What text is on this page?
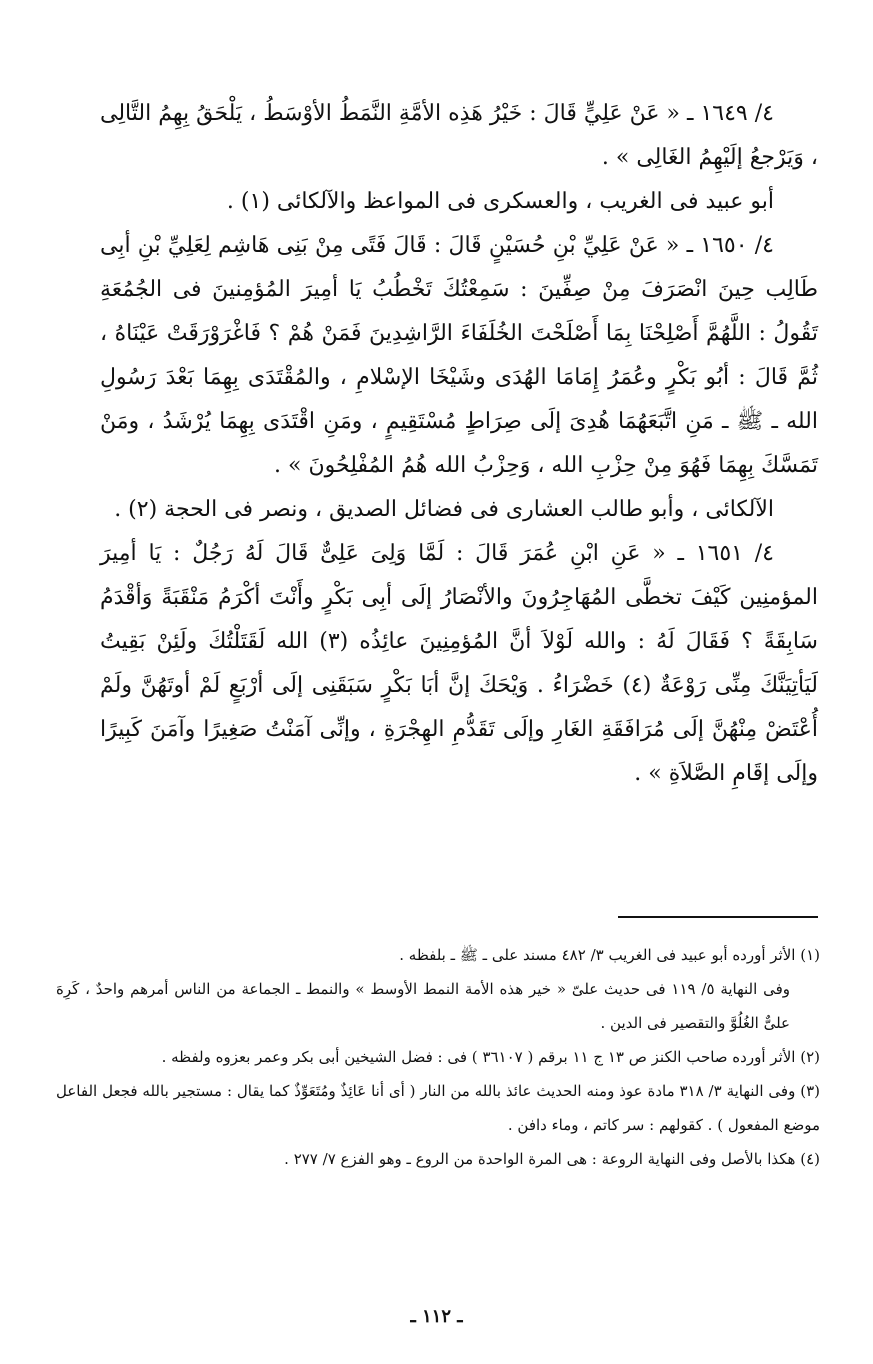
٤/ ١٦٤٩ ـ « عَنْ عَلِيٍّ قَالَ : خَيْرُ هَذِه الأمَّةِ النَّمَطُ الأوْسَطُ ، يَلْحَقُ بِهِمُ التَّالِى ، وَيَرْجعُ إلَيْهِمُ الغَالِى » .

أبو عبيد فى الغريب ، والعسكرى فى المواعظ والآلكائى (١) .

٤/ ١٦٥٠ ـ « عَنْ عَلِيِّ بْنِ حُسَيْنٍ قَالَ : قَالَ فَتًى مِنْ بَنِى هَاشِم لِعَلِيِّ بْنِ أبِى طَالِب حِينَ انْصَرَفَ مِنْ صِفِّينَ : سَمِعْتُكَ تَخْطُبُ يَا أمِيرَ المُؤمِنينَ فى الجُمُعَةِ تَقُولُ : اللَّهُمَّ أَصْلِحْنَا بِمَا أَصْلَحْتَ الخُلَفَاءَ الرَّاشِدِينَ فَمَنْ هُمْ ؟ فَاغْرَوْرَقَتْ عَيْنَاهُ ، ثُمَّ قَالَ : أبُو بَكْرٍ وعُمَرُ إِمَامَا الهُدَى وشَيْخَا الإسْلامِ ، والمُقْتَدَى بِهِمَا بَعْدَ رَسُولِ الله ـ ﷺ ـ مَنِ اتَّبَعَهُمَا هُدِىَ إلَى صِرَاطٍ مُسْتَقِيمٍ ، ومَنِ اقْتَدَى بِهِمَا يُرْشَدُ ، ومَنْ تَمَسَّكَ بِهِمَا فَهُوَ مِنْ حِزْبِ الله ، وَحِزْبُ الله هُمُ المُفْلِحُونَ » .

الآلكائى ، وأبو طالب العشارى فى فضائل الصديق ، ونصر فى الحجة (٢) .

٤/ ١٦٥١ ـ « عَنِ ابْنِ عُمَرَ قَالَ : لَمَّا وَلِىَ عَلِىٌّ قَالَ لَهُ رَجُلٌ : يَا أمِيرَ المؤمنِين كَيْفَ تخطَّى المُهَاجِرُونَ والأنْصَارُ إلَى أبِى بَكْرٍ وأَنْتَ أكْرَمُ مَنْقَبَةً وَأقْدَمُ سَابِقَةً ؟ فَقَالَ لَهُ : والله لَوْلاَ أنَّ المُؤمِنِينَ عائِذُه (٣) الله لَقَتَلْتُكَ ولَئِنْ بَقِيتُ لَيَأتِيَنَّكَ مِنِّى رَوْعَةٌ (٤) خَضْرَاءُ . وَيْحَكَ إنَّ أبَا بَكْرٍ سَبَقَنِى إلَى أرْبَعٍ لَمْ أوتَهُنَّ ولَمْ أُعْتَضْ مِنْهُنَّ إلَى مُرَافَقَةِ الغَارِ وإلَى تَقَدُّمِ الهِجْرَةِ ، وإنِّى آمَنْتُ صَغِيرًا وآمَنَ كَبِيرًا وإلَى إقَامِ الصَّلاَةِ » .

(١) الأثر أورده أبو عبيد فى الغريب ٣/ ٤٨٢ مسند على ـ ﷺ ـ بلفظه .

وفى النهاية ٥/ ١١٩ فى حديث علىّ « خير هذه الأمة النمط الأوسط » والنمط ـ الجماعة من الناس أمرهم واحدٌ ، كَرِهَ علىٌّ الغُلُوَّ والتقصير فى الدين .

(٢) الأثر أورده صاحب الكنز ص ١٣ ج ١١ برقم ( ٣٦١٠٧ ) فى : فضل الشيخين أبى بكر وعمر بعزوه ولفظه .

(٣) وفى النهاية ٣/ ٣١٨ مادة عوذ ومنه الحديث عائذ بالله من النار ( أى أنا عَائِذٌ ومُتَعَوِّذٌ كما يقال : مستجير بالله فجعل الفاعل موضع المفعول ) . كقولهم : سر كاتم ، وماء دافن .

(٤) هكذا بالأصل وفى النهاية الروعة : هى المرة الواحدة من الروع ـ وهو الفزع ٧/ ٢٧٧ .

ـ ١١٢ ـ
